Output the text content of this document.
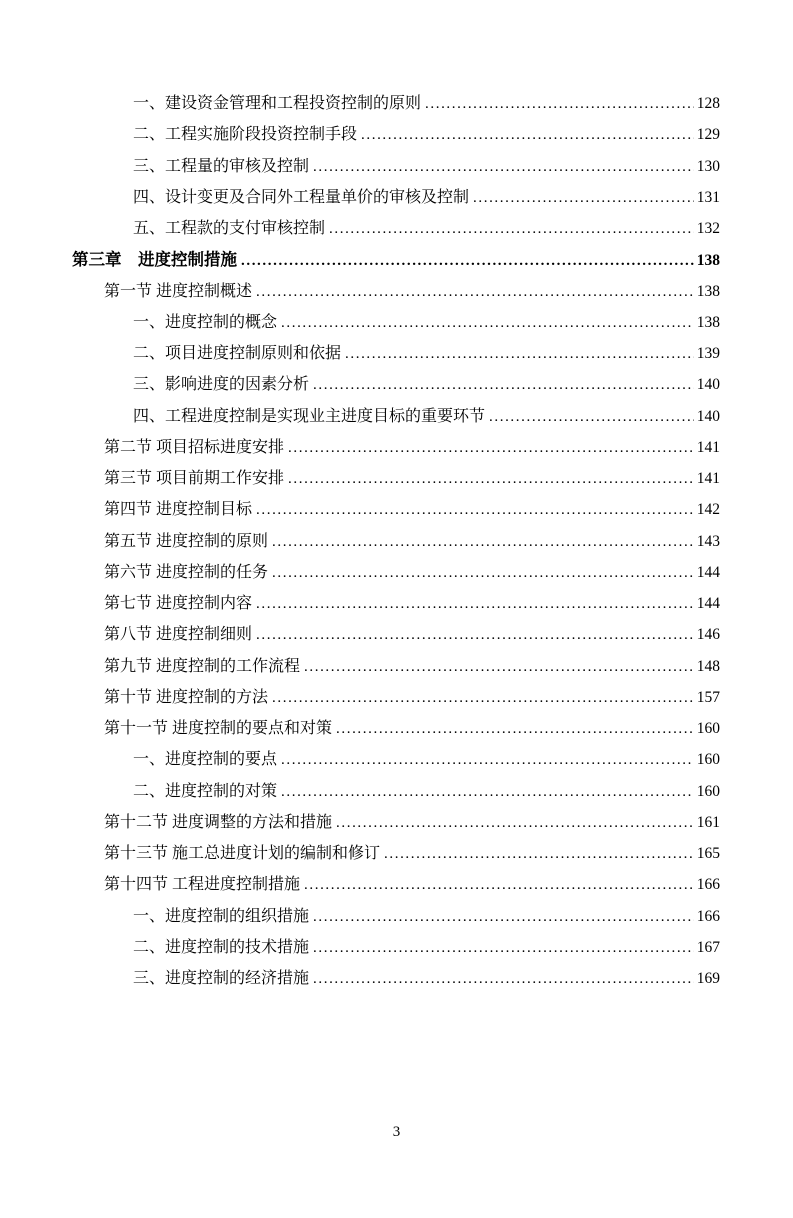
一、建设资金管理和工程投资控制的原则 .....	128
二、工程实施阶段投资控制手段 .....	129
三、工程量的审核及控制 .....	130
四、设计变更及合同外工程量单价的审核及控制 .....	131
五、工程款的支付审核控制 .....	132
第三章　进度控制措施 .....	138
第一节 进度控制概述 .....	138
一、进度控制的概念 .....	138
二、项目进度控制原则和依据 .....	139
三、影响进度的因素分析 .....	140
四、工程进度控制是实现业主进度目标的重要环节 .....	140
第二节 项目招标进度安排 .....	141
第三节 项目前期工作安排 .....	141
第四节 进度控制目标 .....	142
第五节 进度控制的原则 .....	143
第六节 进度控制的任务 .....	144
第七节 进度控制内容 .....	144
第八节 进度控制细则 .....	146
第九节 进度控制的工作流程 .....	148
第十节 进度控制的方法 .....	157
第十一节 进度控制的要点和对策 .....	160
一、进度控制的要点 .....	160
二、进度控制的对策 .....	160
第十二节 进度调整的方法和措施 .....	161
第十三节 施工总进度计划的编制和修订 .....	165
第十四节 工程进度控制措施 .....	166
一、进度控制的组织措施 .....	166
二、进度控制的技术措施 .....	167
三、进度控制的经济措施 .....	169
3
